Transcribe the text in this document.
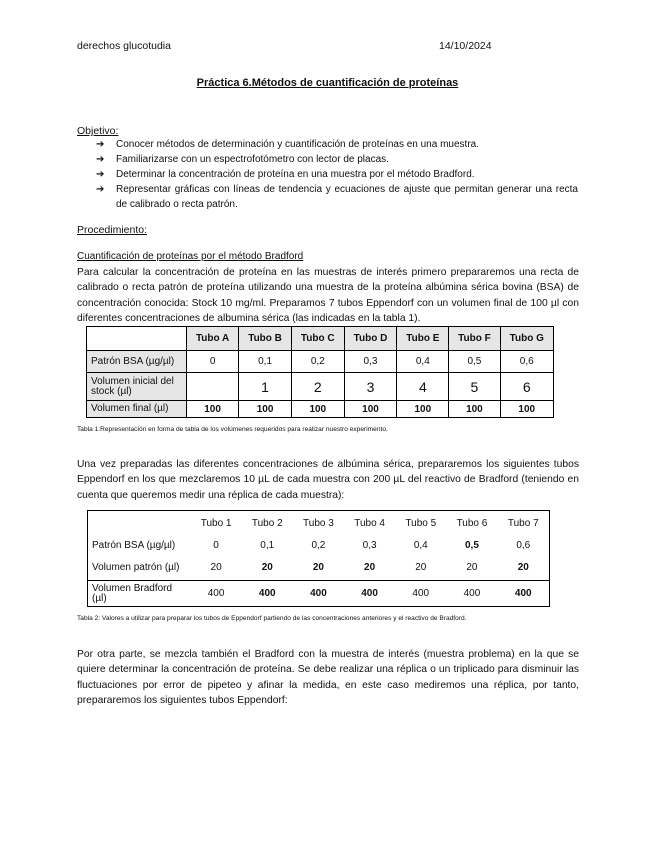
derechos glucotudia	14/10/2024
Práctica 6.Métodos de cuantificación de proteínas
Objetivo:
➔ Conocer métodos de determinación y cuantificación de proteínas en una muestra.
➔ Familiarizarse con un espectrofotómetro con lector de placas.
➔ Determinar la concentración de proteína en una muestra por el método Bradford.
➔ Representar gráficas con líneas de tendencia y ecuaciones de ajuste que permitan generar una recta de calibrado o recta patrón.
Procedimiento:
Cuantificación de proteínas por el método Bradford
Para calcular la concentración de proteína en las muestras de interés primero prepararemos una recta de calibrado o recta patrón de proteína utilizando una muestra de la proteína albúmina sérica bovina (BSA) de concentración conocida: Stock 10 mg/ml. Preparamos 7 tubos Eppendorf con un volumen final de 100 µl con diferentes concentraciones de albumina sérica (las indicadas en la tabla 1).
	Tubo A	Tubo B	Tubo C	Tubo D	Tubo E	Tubo F	Tubo G
Patrón BSA (µg/µl)	0	0,1	0,2	0,3	0,4	0,5	0,6
Volumen inicial del stock (µl)		1	2	3	4	5	6
Volumen final (µl)	100	100	100	100	100	100	100
Tabla 1:Representación en forma de tabla de los volúmenes requeridos para realizar nuestro experimento.
Una vez preparadas las diferentes concentraciones de albúmina sérica, prepararemos los siguientes tubos Eppendorf en los que mezclaremos 10 µL de cada muestra con 200 µL del reactivo de Bradford (teniendo en cuenta que queremos medir una réplica de cada muestra):
	Tubo 1	Tubo 2	Tubo 3	Tubo 4	Tubo 5	Tubo 6	Tubo 7
Patrón BSA (µg/µl)	0	0,1	0,2	0,3	0,4	0,5	0,6
Volumen patrón (µl)	20	20	20	20	20	20	20
Volumen Bradford (µl)	400	400	400	400	400	400	400
Tabla 2: Valores a utilizar para preparar los tubos de Eppendorf partiendo de las concentraciones anteriores y el reactivo de Bradford.
Por otra parte, se mezcla también el Bradford con la muestra de interés (muestra problema) en la que se quiere determinar la concentración de proteína. Se debe realizar una réplica o un triplicado para disminuir las fluctuaciones por error de pipeteo y afinar la medida, en este caso mediremos una réplica, por tanto, prepararemos los siguientes tubos Eppendorf:
